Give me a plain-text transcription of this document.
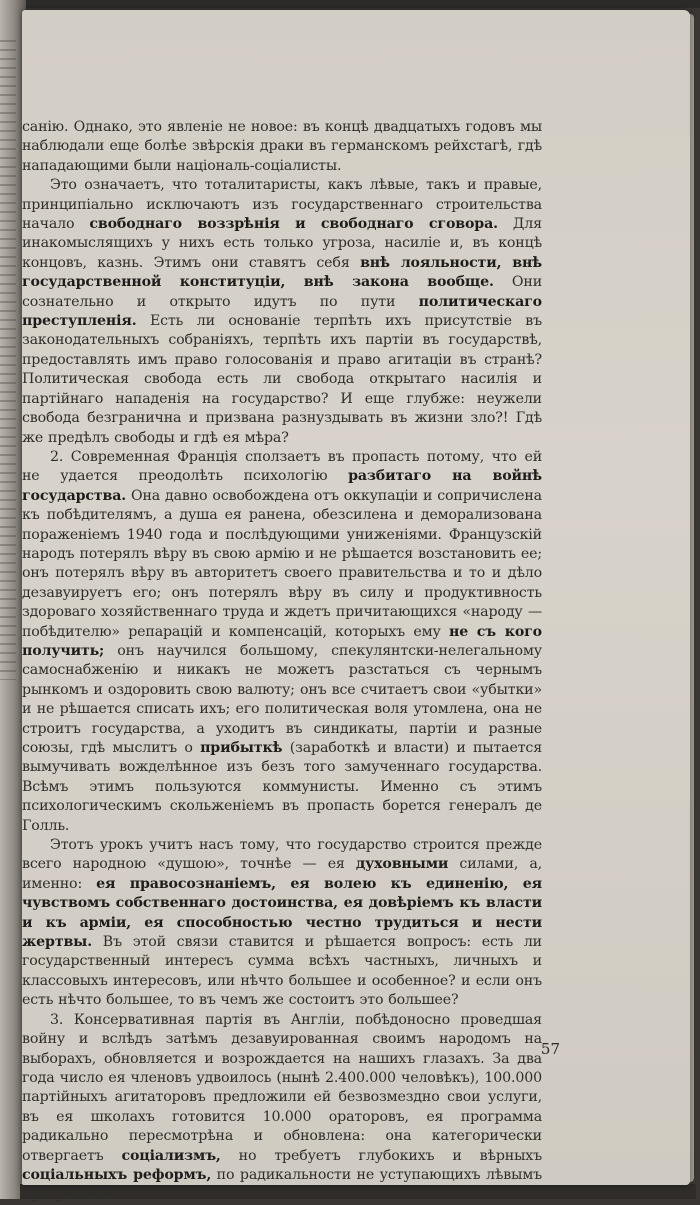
санію. Однако, это явленіе не новое: въ концѣ двадцатыхъ годовъ мы наблюдали еще болѣе звѣрскія драки въ германскомъ рейхстагѣ, гдѣ нападающими были національ-соціалисты.

Это означаетъ, что тоталитаристы, какъ лѣвые, такъ и правые, принципіально исключаютъ изъ государственнаго строительства начало свободнаго воззрѣнія и свободнаго сговора. Для инакомыслящихъ у нихъ есть только угроза, насиліе и, въ концѣ концовъ, казнь. Этимъ они ставятъ себя внѣ лояльности, внѣ государственной конституціи, внѣ закона вообще. Они сознательно и открыто идутъ по пути политическаго преступленія. Есть ли основаніе терпѣть ихъ присутствіе въ законодательныхъ собраніяхъ, терпѣть ихъ партіи въ государствѣ, предоставлять имъ право голосованія и право агитаціи въ странѣ? Политическая свобода есть ли свобода открытаго насилія и партійнаго нападенія на государство? И еще глубже: неужели свобода безгранична и призвана разнуздывать въ жизни зло?! Гдѣ же предѣлъ свободы и гдѣ ея мѣра?

2. Современная Франція сползаетъ въ пропасть потому, что ей не удается преодолѣть психологію разбитаго на войнѣ государства. Она давно освобождена отъ оккупаціи и сопричислена къ побѣдителямъ, а душа ея ранена, обезсилена и деморализована пораженіемъ 1940 года и послѣдующими униженіями. Французскій народъ потерялъ вѣру въ свою армію и не рѣшается возстановить ее; онъ потерялъ вѣру въ авторитетъ своего правительства и то и дѣло дезавуируетъ его; онъ потерялъ вѣру въ силу и продуктивность здороваго хозяйственнаго труда и ждетъ причитающихся «народу — побѣдителю» репарацій и компенсацій, которыхъ ему не съ кого получить; онъ научился большому, спекулянтски-нелегальному самоснабженію и никакъ не можетъ разстаться съ чернымъ рынкомъ и оздоровить свою валюту; онъ все считаетъ свои «убытки» и не рѣшается списать ихъ; его политическая воля утомлена, она не строитъ государства, а уходитъ въ синдикаты, партіи и разные союзы, гдѣ мыслитъ о прибыткѣ (заработкѣ и власти) и пытается вымучивать вожделѣнное изъ безъ того замученнаго государства. Всѣмъ этимъ пользуются коммунисты. Именно съ этимъ психологическимъ скольженіемъ въ пропасть борется генералъ де Голль.

Этотъ урокъ учитъ насъ тому, что государство строится прежде всего народною «душою», точнѣе — ея духовными силами, а, именно: ея правосознаніемъ, ея волею къ единенію, ея чувствомъ собственнаго достоинства, ея довѣріемъ къ власти и къ арміи, ея способностью честно трудиться и нести жертвы. Въ этой связи ставится и рѣшается вопросъ: есть ли государственный интересъ сумма всѣхъ частныхъ, личныхъ и классовыхъ интересовъ, или нѣчто большее и особенное? и если онъ есть нѣчто большее, то въ чемъ же состоитъ это большее?

3. Консервативная партія въ Англіи, побѣдоносно проведшая войну и вслѣдъ затѣмъ дезавуированная своимъ народомъ на выборахъ, обновляется и возрождается на нашихъ глазахъ. За два года число ея членовъ удвоилось (нынѣ 2.400.000 человѣкъ), 100.000 партійныхъ агитаторовъ предложили ей безвозмездно свои услуги, въ ея школахъ готовится 10.000 ораторовъ, ея программа радикально пересмотрѣна и обновлена: она категорически отвергаетъ соціализмъ, но требуетъ глубокихъ и вѣрныхъ соціальныхъ реформъ, по радикальности не уступающихъ лѣвымъ программамъ.

57
